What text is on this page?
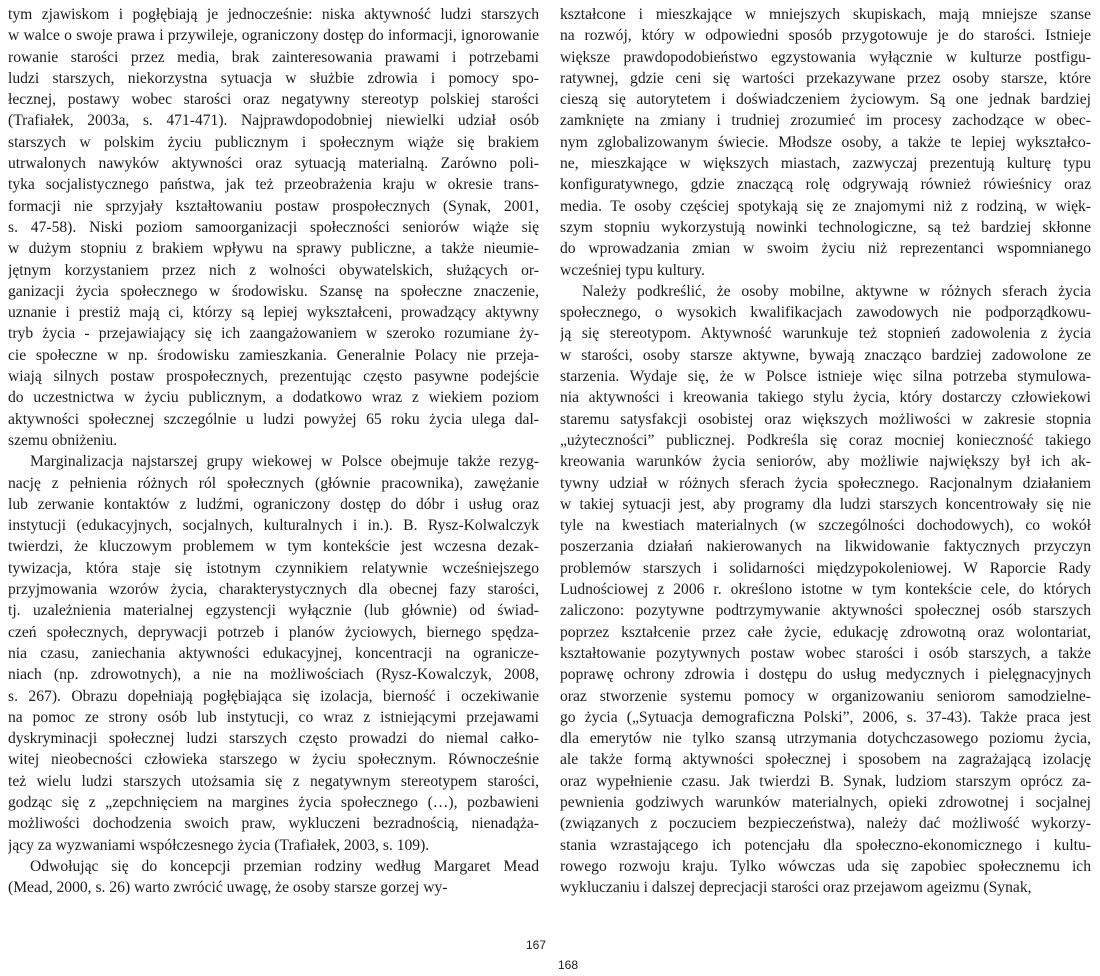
tym zjawiskom i pogłębiają je jednocześnie: niska aktywność ludzi starszych
w walce o swoje prawa i przywileje, ograniczony dostęp do informacji, ignorowanie
rowanie starości przez media, brak zainteresowania prawami i potrzebami
ludzi starszych, niekorzystna sytuacja w służbie zdrowia i pomocy spo-
łecznej, postawy wobec starości oraz negatywny stereotyp polskiej starości
(Trafiałek, 2003a, s. 471-471). Najprawdopodobniej niewielki udział osób
starszych w polskim życiu publicznym i społecznym wiąże się brakiem
utrwalonych nawyków aktywności oraz sytuacją materialną. Zarówno poli-
tyka socjalistycznego państwa, jak też przeobrażenia kraju w okresie trans-
formacji nie sprzyjały kształtowaniu postaw prospołecznych (Synak, 2001,
s. 47-58). Niski poziom samoorganizacji społeczności seniorów wiąże się
w dużym stopniu z brakiem wpływu na sprawy publiczne, a także nieumie-
jętnym korzystaniem przez nich z wolności obywatelskich, służących or-
ganizacji życia społecznego w środowisku. Szansę na społeczne znaczenie,
uznanie i prestiż mają ci, którzy są lepiej wykształceni, prowadzący aktywny
tryb życia - przejawiający się ich zaangażowaniem w szeroko rozumiane ży-
cie społeczne w np. środowisku zamieszkania. Generalnie Polacy nie przeja-
wiają silnych postaw prospołecznych, prezentując często pasywne podejście
do uczestnictwa w życiu publicznym, a dodatkowo wraz z wiekiem poziom
aktywności społecznej szczególnie u ludzi powyżej 65 roku życia ulega dal-
szemu obniżeniu.
Marginalizacja najstarszej grupy wiekowej w Polsce obejmuje także rezyg-
nację z pełnienia różnych ról społecznych (głównie pracownika), zawężanie
lub zerwanie kontaktów z ludźmi, ograniczony dostęp do dóbr i usług oraz
instytucji (edukacyjnych, socjalnych, kulturalnych i in.). B. Rysz-Kolwalczyk
twierdzi, że kluczowym problemem w tym kontekście jest wczesna dezak-
tywizacja, która staje się istotnym czynnikiem relatywnie wcześniejszego
przyjmowania wzorów życia, charakterystycznych dla obecnej fazy starości,
tj. uzależnienia materialnej egzystencji wyłącznie (lub głównie) od świad-
czeń społecznych, deprywacji potrzeb i planów życiowych, biernego spędza-
nia czasu, zaniechania aktywności edukacyjnej, koncentracji na ogranicze-
niach (np. zdrowotnych), a nie na możliwościach (Rysz-Kowalczyk, 2008,
s. 267). Obrazu dopełniają pogłębiająca się izolacja, bierność i oczekiwanie
na pomoc ze strony osób lub instytucji, co wraz z istniejącymi przejawami
dyskryminacji społecznej ludzi starszych często prowadzi do niemal całko-
witej nieobecności człowieka starszego w życiu społecznym. Równocześnie
też wielu ludzi starszych utożsamia się z negatywnym stereotypem starości,
godząc się z „zepchnięciem na margines życia społecznego (…), pozbawieni
możliwości dochodzenia swoich praw, wykluczeni bezradnością, nienadąża-
jący za wyzwaniami współczesnego życia (Trafiałek, 2003, s. 109).
Odwołując się do koncepcji przemian rodziny według Margaret Mead
(Mead, 2000, s. 26) warto zwrócić uwagę, że osoby starsze gorzej wy-
kształcone i mieszkające w mniejszych skupiskach, mają mniejsze szanse
na rozwój, który w odpowiedni sposób przygotowuje je do starości. Istnieje
większe prawdopodobieństwo egzystowania wyłącznie w kulturze postfigu-
ratywnej, gdzie ceni się wartości przekazywane przez osoby starsze, które
cieszą się autorytetem i doświadczeniem życiowym. Są one jednak bardziej
zamknięte na zmiany i trudniej zrozumieć im procesy zachodzące w obec-
nym zglobalizowanym świecie. Młodsze osoby, a także te lepiej wykształco-
ne, mieszkające w większych miastach, zazwyczaj prezentują kulturę typu
konfiguratywnego, gdzie znaczącą rolę odgrywają również rówieśnicy oraz
media. Te osoby częściej spotykają się ze znajomymi niż z rodziną, w więk-
szym stopniu wykorzystują nowinki technologiczne, są też bardziej skłonne
do wprowadzania zmian w swoim życiu niż reprezentanci wspomnianego
wcześniej typu kultury.
Należy podkreślić, że osoby mobilne, aktywne w różnych sferach życia
społecznego, o wysokich kwalifikacjach zawodowych nie podporządkowu-
ją się stereotypom. Aktywność warunkuje też stopnień zadowolenia z życia
w starości, osoby starsze aktywne, bywają znacząco bardziej zadowolone ze
starzenia. Wydaje się, że w Polsce istnieje więc silna potrzeba stymulowa-
nia aktywności i kreowania takiego stylu życia, który dostarczy człowiekowi
staremu satysfakcji osobistej oraz większych możliwości w zakresie stopnia
„użyteczności” publicznej. Podkreśla się coraz mocniej konieczność takiego
kreowania warunków życia seniorów, aby możliwie największy był ich ak-
tywny udział w różnych sferach życia społecznego. Racjonalnym działaniem
w takiej sytuacji jest, aby programy dla ludzi starszych koncentrowały się nie
tyle na kwestiach materialnych (w szczególności dochodowych), co wokół
poszerzania działań nakierowanych na likwidowanie faktycznych przyczyn
problemów starszych i solidarności międzypokoleniowej. W Raporcie Rady
Ludnościowej z 2006 r. określono istotne w tym kontekście cele, do których
zaliczono: pozytywne podtrzymywanie aktywności społecznej osób starszych
poprzez kształcenie przez całe życie, edukację zdrowotną oraz wolontariat,
kształtowanie pozytywnych postaw wobec starości i osób starszych, a także
poprawę ochrony zdrowia i dostępu do usług medycznych i pielęgnacyjnych
oraz stworzenie systemu pomocy w organizowaniu seniorom samodzielne-
go życia („Sytuacja demograficzna Polski”, 2006, s. 37-43). Także praca jest
dla emerytów nie tylko szansą utrzymania dotychczasowego poziomu życia,
ale także formą aktywności społecznej i sposobem na zagrażającą izolację
oraz wypełnienie czasu. Jak twierdzi B. Synak, ludziom starszym oprócz za-
pewnienia godziwych warunków materialnych, opieki zdrowotnej i socjalnej
(związanych z poczuciem bezpieczeństwa), należy dać możliwość wykorzy-
stania wzrastającego ich potencjału dla społeczno-ekonomicznego i kultu-
rowego rozwoju kraju. Tylko wówczas uda się zapobiec społecznemu ich
wykluczaniu i dalszej deprecjacji starości oraz przejawom ageizmu (Synak,
167
168
